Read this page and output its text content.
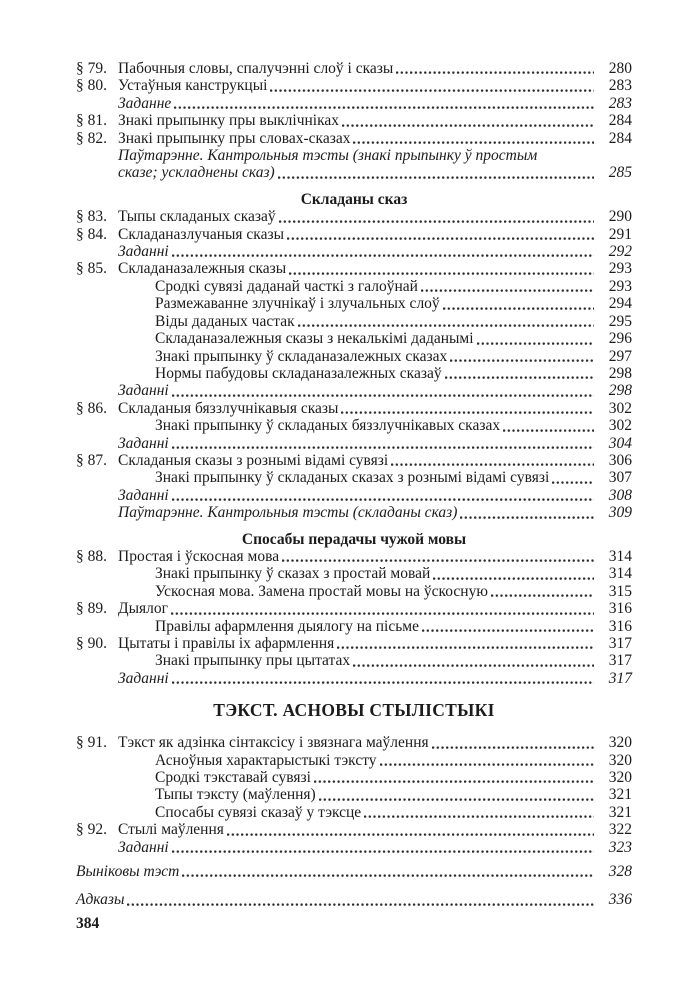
§ 79. Пабочныя словы, спалучэнні слоў і сказы	280
§ 80. Устаўныя канструкцыі	283
Заданне	283
§ 81. Знакі прыпынку пры выклічніках	284
§ 82. Знакі прыпынку пры словах-сказах	284
Паўтарэнне. Кантрольныя тэсты (знакі прыпынку ў простым
сказе; ускладнены сказ)	285
Складаны сказ
§ 83. Тыпы складаных сказаў	290
§ 84. Складаназлучаныя сказы	291
Заданні	292
§ 85. Складаназалежныя сказы	293
Сродкі сувязі даданай часткі з галоўнай	293
Размежаванне злучнікаў і злучальных слоў	294
Віды даданых частак	295
Складаназалежныя сказы з некалькімі даданымі	296
Знакі прыпынку ў складаназалежных сказах	297
Нормы пабудовы складаназалежных сказаў	298
Заданні	298
§ 86. Складаныя бяззлучнікавыя сказы	302
Знакі прыпынку ў складаных бяззлучнікавых сказах	302
Заданні	304
§ 87. Складаныя сказы з рознымі відамі сувязі	306
Знакі прыпынку ў складаных сказах з рознымі відамі сувязі	307
Заданні	308
Паўтарэнне. Кантрольныя тэсты (складаны сказ)	309
Спосабы перадачы чужой мовы
§ 88. Простая і ўскосная мова	314
Знакі прыпынку ў сказах з простай мовай	314
Ускосная мова. Замена простай мовы на ўскосную	315
§ 89. Дыялог	316
Правілы афармлення дыялогу на пісьме	316
§ 90. Цытаты і правілы іх афармлення	317
Знакі прыпынку пры цытатах	317
Заданні	317
ТЭКСТ. АСНОВЫ СТЫЛІСТЫКІ
§ 91. Тэкст як адзінка сінтаксісу і звязнага маўлення	320
Асноўныя характарыстыкі тэксту	320
Сродкі тэкставай сувязі	320
Тыпы тэксту (маўлення)	321
Спосабы сувязі сказаў у тэксце	321
§ 92. Стылі маўлення	322
Заданні	323
Выніковы тэст	328
Адказы	336
384
